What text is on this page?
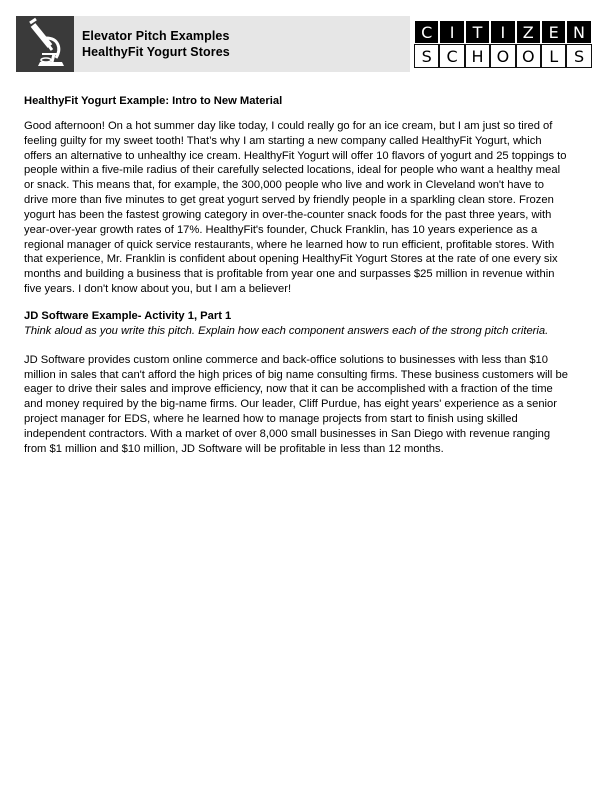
Elevator Pitch Examples
HealthyFit Yogurt Stores
C	I	T	I	Z E N
S C H O O L S

HealthyFit Yogurt Example: Intro to New Material

Good afternoon! On a hot summer day like today, I could really go for an ice cream, but I am just so tired of feeling guilty for my sweet tooth! That’s why I am starting a new company called HealthyFit Yogurt, which offers an alternative to unhealthy ice cream. HealthyFit Yogurt will offer 10 flavors of yogurt and 25 toppings to people within a five-mile radius of their carefully selected locations, ideal for people who want a healthy meal or snack. This means that, for example, the 300,000 people who live and work in Cleveland won't have to drive more than five minutes to get great yogurt served by friendly people in a sparkling clean store. Frozen yogurt has been the fastest growing category in over-the-counter snack foods for the past three years, with year-over-year growth rates of 17%. HealthyFit's founder, Chuck Franklin, has 10 years experience as a regional manager of quick service restaurants, where he learned how to run efficient, profitable stores. With that experience, Mr. Franklin is confident about opening HealthyFit Yogurt Stores at the rate of one every six months and building a business that is profitable from year one and surpasses $25 million in revenue within five years. I don't know about you, but I am a believer!

JD Software Example- Activity 1, Part 1

Think aloud as you write this pitch. Explain how each component answers each of the strong pitch criteria.

JD Software provides custom online commerce and back-office solutions to businesses with less than $10 million in sales that can't afford the high prices of big name consulting firms. These business customers will be eager to drive their sales and improve efficiency, now that it can be accomplished with a fraction of the time and money required by the big-name firms. Our leader, Cliff Purdue, has eight years' experience as a senior project manager for EDS, where he learned how to manage projects from start to finish using skilled independent contractors. With a market of over 8,000 small businesses in San Diego with revenue ranging from $1 million and $10 million, JD Software will be profitable in less than 12 months.
